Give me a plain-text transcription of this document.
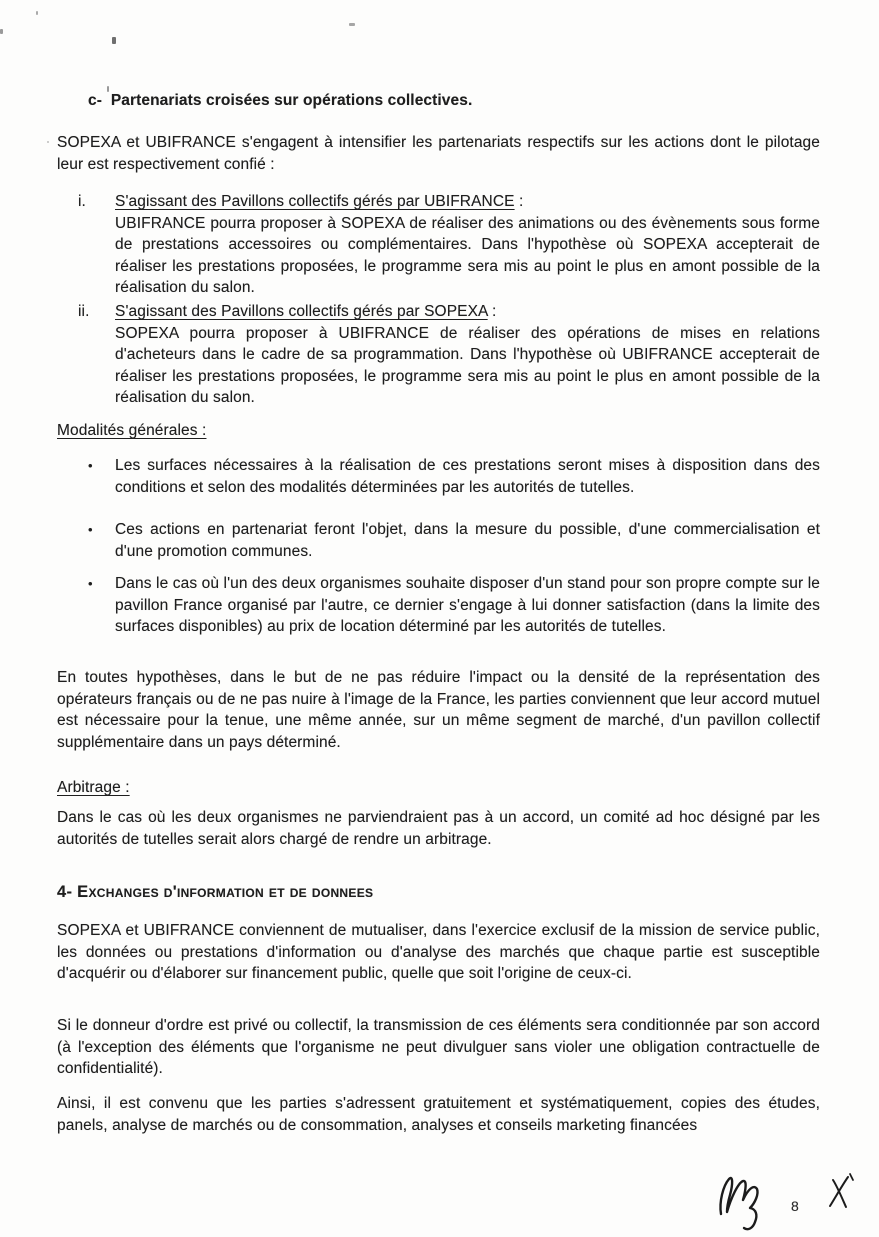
c- Partenariats croisées sur opérations collectives.
SOPEXA et UBIFRANCE s'engagent à intensifier les partenariats respectifs sur les actions dont le pilotage leur est respectivement confié :
i.	S'agissant des Pavillons collectifs gérés par UBIFRANCE :
UBIFRANCE pourra proposer à SOPEXA de réaliser des animations ou des évènements sous forme de prestations accessoires ou complémentaires. Dans l'hypothèse où SOPEXA accepterait de réaliser les prestations proposées, le programme sera mis au point le plus en amont possible de la réalisation du salon.
ii.	S'agissant des Pavillons collectifs gérés par SOPEXA :
SOPEXA pourra proposer à UBIFRANCE de réaliser des opérations de mises en relations d'acheteurs dans le cadre de sa programmation. Dans l'hypothèse où UBIFRANCE accepterait de réaliser les prestations proposées, le programme sera mis au point le plus en amont possible de la réalisation du salon.
Modalités générales :
• Les surfaces nécessaires à la réalisation de ces prestations seront mises à disposition dans des conditions et selon des modalités déterminées par les autorités de tutelles.
• Ces actions en partenariat feront l'objet, dans la mesure du possible, d'une commercialisation et d'une promotion communes.
• Dans le cas où l'un des deux organismes souhaite disposer d'un stand pour son propre compte sur le pavillon France organisé par l'autre, ce dernier s'engage à lui donner satisfaction (dans la limite des surfaces disponibles) au prix de location déterminé par les autorités de tutelles.
En toutes hypothèses, dans le but de ne pas réduire l'impact ou la densité de la représentation des opérateurs français ou de ne pas nuire à l'image de la France, les parties conviennent que leur accord mutuel est nécessaire pour la tenue, une même année, sur un même segment de marché, d'un pavillon collectif supplémentaire dans un pays déterminé.
Arbitrage :
Dans le cas où les deux organismes ne parviendraient pas à un accord, un comité ad hoc désigné par les autorités de tutelles serait alors chargé de rendre un arbitrage.
4- Exchanges d'information et de donnees
SOPEXA et UBIFRANCE conviennent de mutualiser, dans l'exercice exclusif de la mission de service public, les données ou prestations d'information ou d'analyse des marchés que chaque partie est susceptible d'acquérir ou d'élaborer sur financement public, quelle que soit l'origine de ceux-ci.
Si le donneur d'ordre est privé ou collectif, la transmission de ces éléments sera conditionnée par son accord (à l'exception des éléments que l'organisme ne peut divulguer sans violer une obligation contractuelle de confidentialité).
Ainsi, il est convenu que les parties s'adressent gratuitement et systématiquement, copies des études, panels, analyse de marchés ou de consommation, analyses et conseils marketing financées
8
